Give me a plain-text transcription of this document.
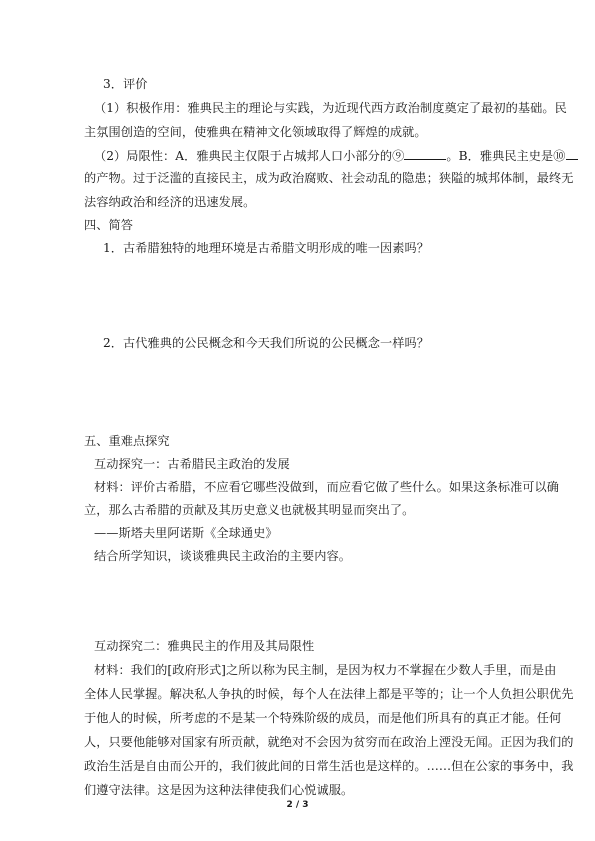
3．评价
（1）积极作用：雅典民主的理论与实践，为近现代西方政治制度奠定了最初的基础。民
主氛围创造的空间，使雅典在精神文化领域取得了辉煌的成就。
（2）局限性：A．雅典民主仅限于占城邦人口小部分的⑨	。B．雅典民主史是⑩
的产物。过于泛滥的直接民主，成为政治腐败、社会动乱的隐患；狭隘的城邦体制，最终无
法容纳政治和经济的迅速发展。
四、简答
1．古希腊独特的地理环境是古希腊文明形成的唯一因素吗？
2．古代雅典的公民概念和今天我们所说的公民概念一样吗？
五、重难点探究
互动探究一：古希腊民主政治的发展
材料：评价古希腊，不应看它哪些没做到，而应看它做了些什么。如果这条标准可以确
立，那么古希腊的贡献及其历史意义也就极其明显而突出了。
——斯塔夫里阿诺斯《全球通史》
结合所学知识，谈谈雅典民主政治的主要内容。
互动探究二：雅典民主的作用及其局限性
材料：我们的[政府形式]之所以称为民主制，是因为权力不掌握在少数人手里，而是由
全体人民掌握。解决私人争执的时候，每个人在法律上都是平等的；让一个人负担公职优先
于他人的时候，所考虑的不是某一个特殊阶级的成员，而是他们所具有的真正才能。任何
人，只要他能够对国家有所贡献，就绝对不会因为贫穷而在政治上湮没无闻。正因为我们的
政治生活是自由而公开的，我们彼此间的日常生活也是这样的。……但在公家的事务中，我
们遵守法律。这是因为这种法律使我们心悦诚服。
2 / 3
